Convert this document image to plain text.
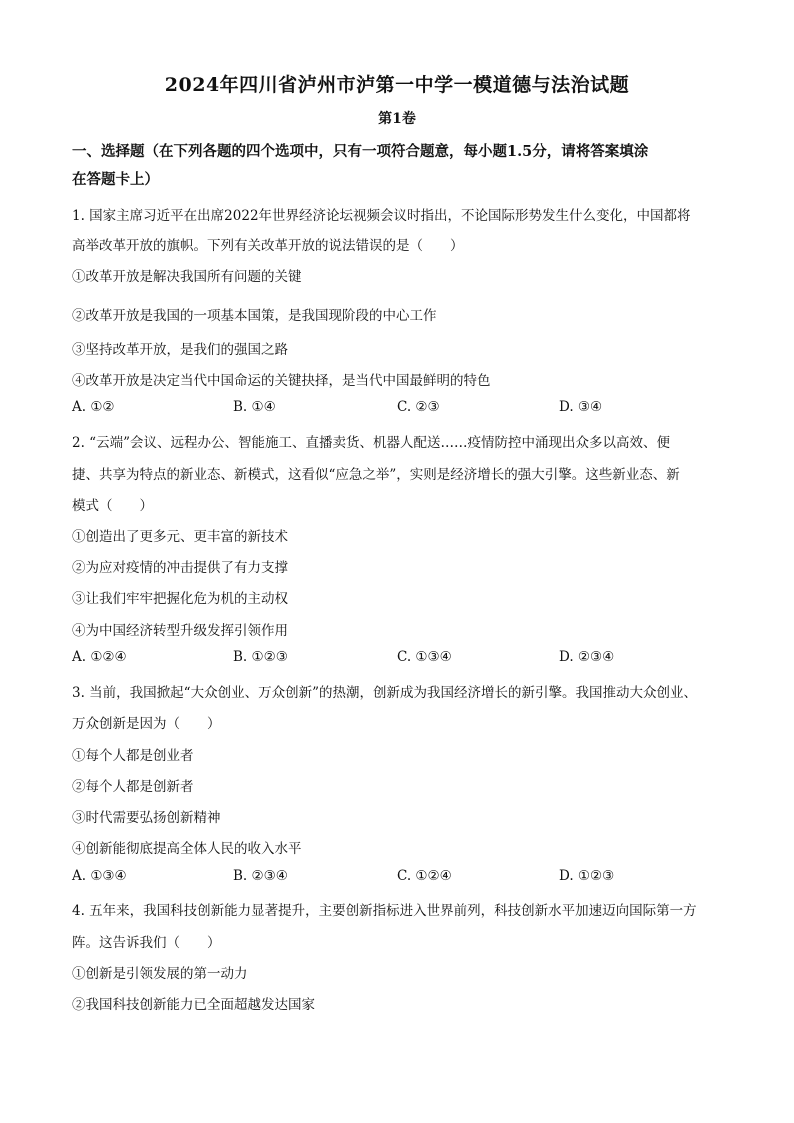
2024年四川省泸州市泸第一中学一模道德与法治试题
第1卷
一、选择题（在下列各题的四个选项中，只有一项符合题意，每小题1.5分，请将答案填涂
在答题卡上）
1. 国家主席习近平在出席2022年世界经济论坛视频会议时指出，不论国际形势发生什么变化，中国都将
高举改革开放的旗帜。下列有关改革开放的说法错误的是（　　）
①改革开放是解决我国所有问题的关键
②改革开放是我国的一项基本国策，是我国现阶段的中心工作
③坚持改革开放，是我们的强国之路
④改革开放是决定当代中国命运的关键抉择，是当代中国最鲜明的特色
A. ①②	B. ①④	C. ②③	D. ③④
2. “云端”会议、远程办公、智能施工、直播卖货、机器人配送……疫情防控中涌现出众多以高效、便
捷、共享为特点的新业态、新模式，这看似“应急之举”，实则是经济增长的强大引擎。这些新业态、新
模式（　　）
①创造出了更多元、更丰富的新技术
②为应对疫情的冲击提供了有力支撑
③让我们牢牢把握化危为机的主动权
④为中国经济转型升级发挥引领作用
A. ①②④	B. ①②③	C. ①③④	D. ②③④
3. 当前，我国掀起“大众创业、万众创新”的热潮，创新成为我国经济增长的新引擎。我国推动大众创业、
万众创新是因为（　　）
①每个人都是创业者
②每个人都是创新者
③时代需要弘扬创新精神
④创新能彻底提高全体人民的收入水平
A. ①③④	B. ②③④	C. ①②④	D. ①②③
4. 五年来，我国科技创新能力显著提升，主要创新指标进入世界前列，科技创新水平加速迈向国际第一方
阵。这告诉我们（　　）
①创新是引领发展的第一动力
②我国科技创新能力已全面超越发达国家
